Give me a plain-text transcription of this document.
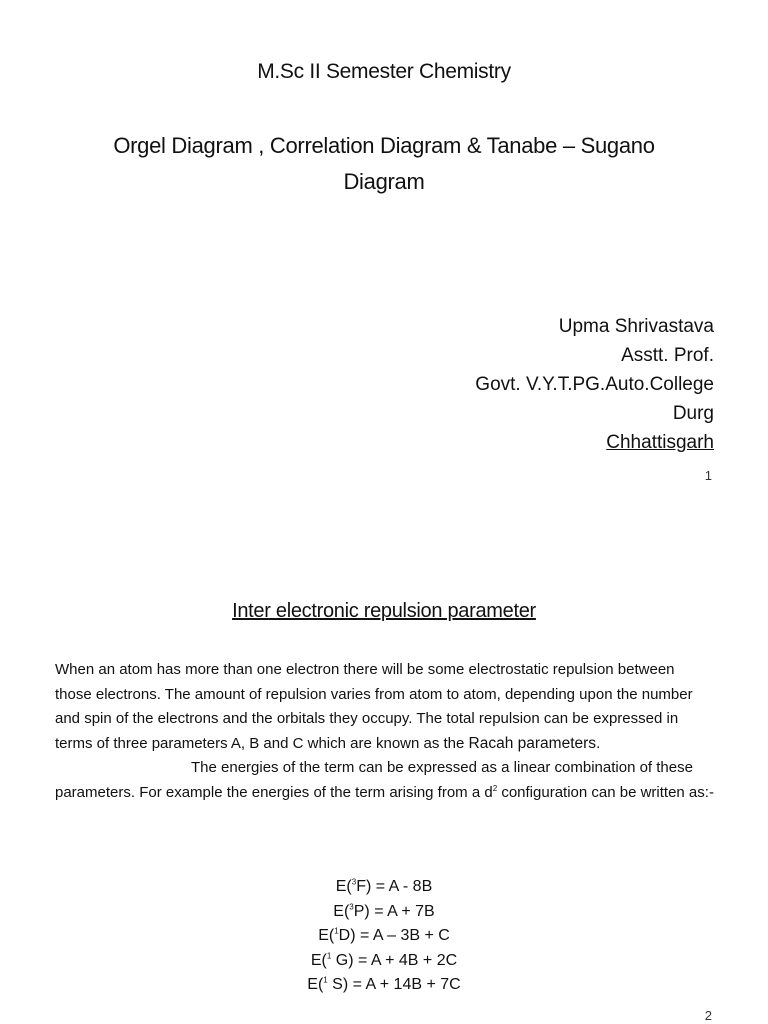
M.Sc II Semester Chemistry
Orgel Diagram , Correlation Diagram & Tanabe – Sugano
Diagram
Upma Shrivastava
Asstt. Prof.
Govt. V.Y.T.PG.Auto.College
Durg
Chhattisgarh
1
Inter electronic repulsion parameter

When an atom has more than one electron there will be some electrostatic repulsion between those electrons. The amount of repulsion varies from atom to atom, depending upon the number and spin of the electrons and the orbitals they occupy. The total repulsion can be expressed in terms of three parameters A, B and C which are known as the Racah parameters.
The energies of the term can be expressed as a linear combination of these parameters. For example the energies of the term arising from a $d^2$ configuration can be written as:-

E($^3$F) = A - 8B
E($^3$P) = A + 7B
E($^1$D) = A – 3B + C
E($^1$ G) = A + 4B + 2C
E($^1$ S) = A + 14B + 7C
2
